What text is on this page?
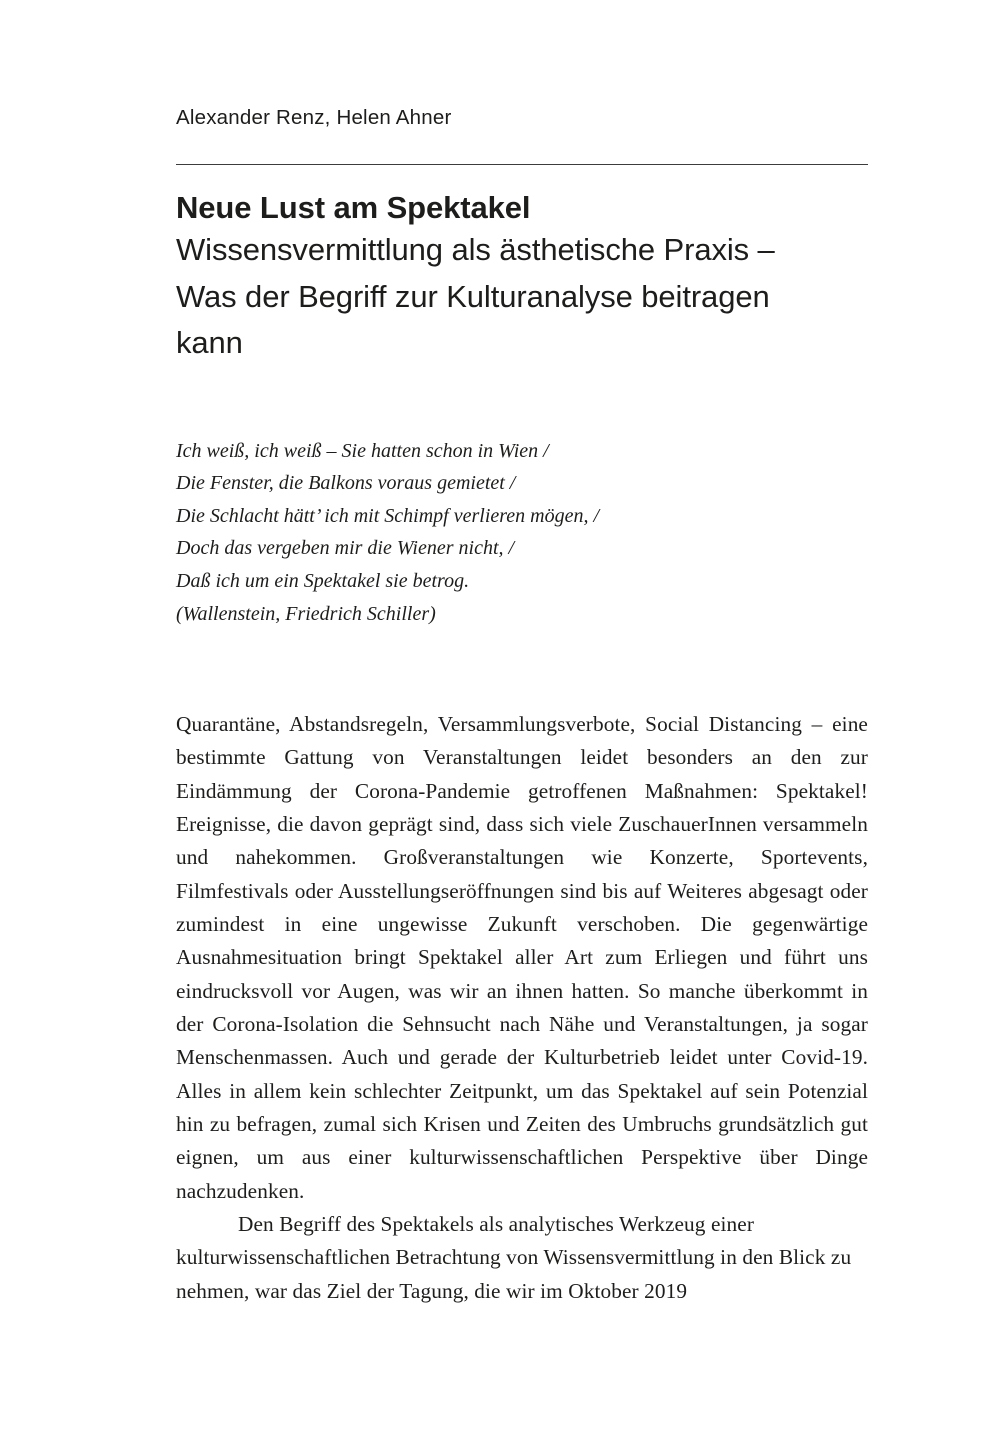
Alexander Renz, Helen Ahner
Neue Lust am Spektakel
Wissensvermittlung als ästhetische Praxis – Was der Begriff zur Kulturanalyse beitragen kann
Ich weiß, ich weiß – Sie hatten schon in Wien /
Die Fenster, die Balkons voraus gemietet /
Die Schlacht hätt’ ich mit Schimpf verlieren mögen, /
Doch das vergeben mir die Wiener nicht, /
Daß ich um ein Spektakel sie betrog.
(Wallenstein, Friedrich Schiller)

Quarantäne, Abstandsregeln, Versammlungsverbote, Social Distancing – eine bestimmte Gattung von Veranstaltungen leidet besonders an den zur Eindämmung der Corona-Pandemie getroffenen Maßnahmen: Spektakel! Ereignisse, die davon geprägt sind, dass sich viele ZuschauerInnen versammeln und nahekommen. Großveranstaltungen wie Konzerte, Sportevents, Filmfestivals oder Ausstellungseröffnungen sind bis auf Weiteres abgesagt oder zumindest in eine ungewisse Zukunft verschoben. Die gegenwärtige Ausnahmesituation bringt Spektakel aller Art zum Erliegen und führt uns eindrucksvoll vor Augen, was wir an ihnen hatten. So manche überkommt in der Corona-Isolation die Sehnsucht nach Nähe und Veranstaltungen, ja sogar Menschenmassen. Auch und gerade der Kulturbetrieb leidet unter Covid-19. Alles in allem kein schlechter Zeitpunkt, um das Spektakel auf sein Potenzial hin zu befragen, zumal sich Krisen und Zeiten des Umbruchs grundsätzlich gut eignen, um aus einer kulturwissenschaftlichen Perspektive über Dinge nachzudenken.

Den Begriff des Spektakels als analytisches Werkzeug einer kulturwissenschaftlichen Betrachtung von Wissensvermittlung in den Blick zu nehmen, war das Ziel der Tagung, die wir im Oktober 2019
